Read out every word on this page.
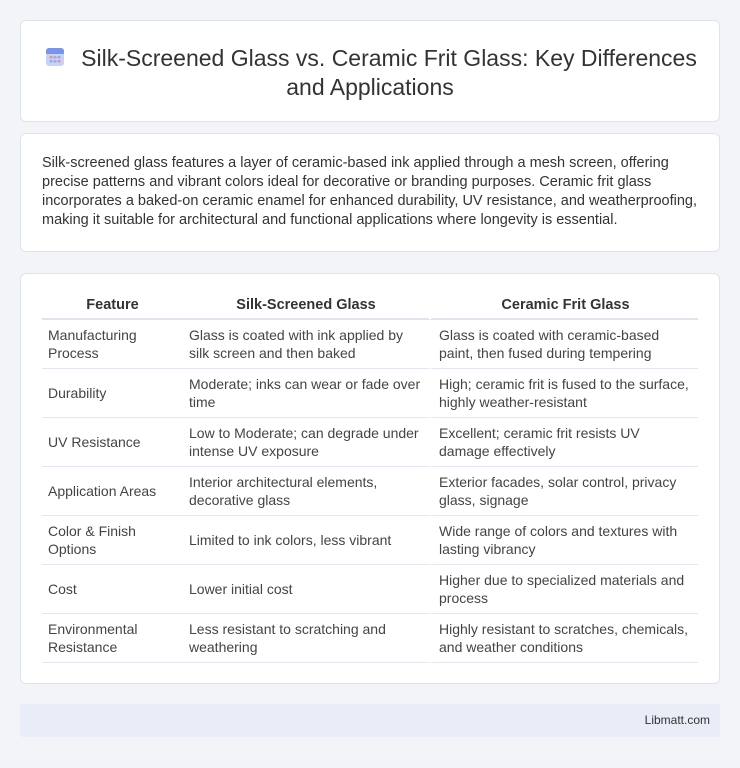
Silk-Screened Glass vs. Ceramic Frit Glass: Key Differences and Applications

Silk-screened glass features a layer of ceramic-based ink applied through a mesh screen, offering precise patterns and vibrant colors ideal for decorative or branding purposes. Ceramic frit glass incorporates a baked-on ceramic enamel for enhanced durability, UV resistance, and weatherproofing, making it suitable for architectural and functional applications where longevity is essential.

Feature	Silk-Screened Glass	Ceramic Frit Glass
Manufacturing Process	Glass is coated with ink applied by silk screen and then baked	Glass is coated with ceramic-based paint, then fused during tempering
Durability	Moderate; inks can wear or fade over time	High; ceramic frit is fused to the surface, highly weather-resistant
UV Resistance	Low to Moderate; can degrade under intense UV exposure	Excellent; ceramic frit resists UV damage effectively
Application Areas	Interior architectural elements, decorative glass	Exterior facades, solar control, privacy glass, signage
Color & Finish Options	Limited to ink colors, less vibrant	Wide range of colors and textures with lasting vibrancy
Cost	Lower initial cost	Higher due to specialized materials and process
Environmental Resistance	Less resistant to scratching and weathering	Highly resistant to scratches, chemicals, and weather conditions
Libmatt.com
